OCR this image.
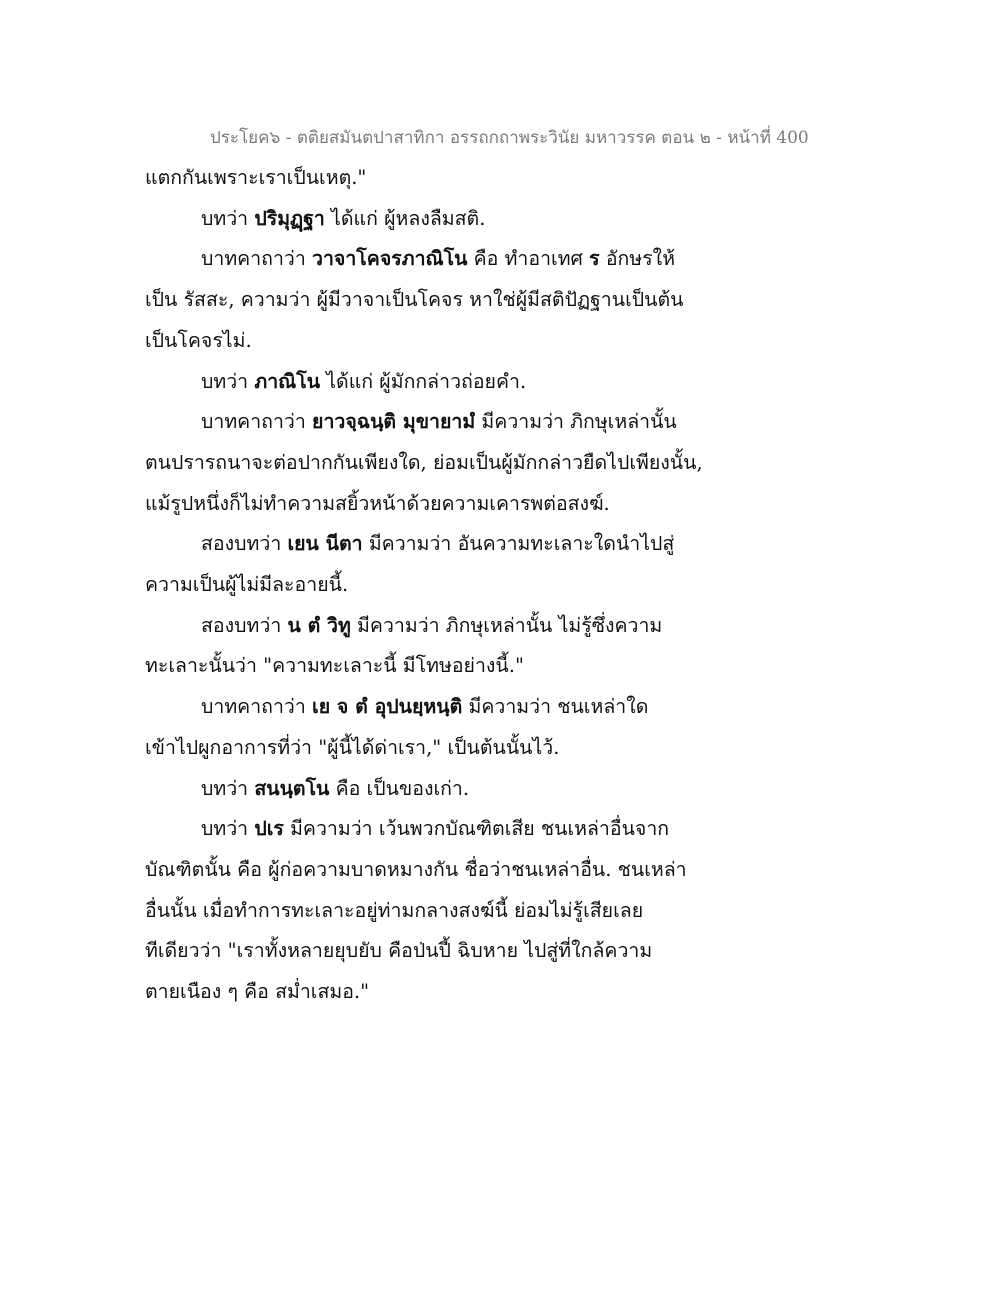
ประโยค๖ - ตติยสมันตปาสาทิกา อรรถกถาพระวินัย มหาวรรค ตอน ๒ - หน้าที่ 400
แตกกันเพราะเราเป็นเหตุ."
บทว่า ปริมุฏฺฐา ได้แก่ ผู้หลงลืมสติ.
บาทคาถาว่า วาจาโคจรภาณิโน คือ ทำอาเทศ ร อักษรให้
เป็น รัสสะ, ความว่า ผู้มีวาจาเป็นโคจร หาใช่ผู้มีสติปัฏฐานเป็นต้น
เป็นโคจรไม่.
บทว่า ภาณิโน ได้แก่ ผู้มักกล่าวถ่อยคำ.
บาทคาถาว่า ยาวจฺฉนฺติ มุขายามํ มีความว่า ภิกษุเหล่านั้น
ตนปรารถนาจะต่อปากกันเพียงใด, ย่อมเป็นผู้มักกล่าวยืดไปเพียงนั้น,
แม้รูปหนึ่งก็ไม่ทำความสยิ้วหน้าด้วยความเคารพต่อสงฆ์.
สองบทว่า เยน นีตา มีความว่า อันความทะเลาะใดนำไปสู่
ความเป็นผู้ไม่มีละอายนี้.
สองบทว่า น ตํ วิทู มีความว่า ภิกษุเหล่านั้น ไม่รู้ซึ่งความ
ทะเลาะนั้นว่า "ความทะเลาะนี้ มีโทษอย่างนี้."
บาทคาถาว่า เย จ ตํ อุปนยฺหนฺติ มีความว่า ชนเหล่าใด
เข้าไปผูกอาการที่ว่า "ผู้นี้ได้ด่าเรา," เป็นต้นนั้นไว้.
บทว่า สนนฺตโน คือ เป็นของเก่า.
บทว่า ปเร มีความว่า เว้นพวกบัณฑิตเสีย ชนเหล่าอื่นจาก
บัณฑิตนั้น คือ ผู้ก่อความบาดหมางกัน ชื่อว่าชนเหล่าอื่น. ชนเหล่า
อื่นนั้น เมื่อทำการทะเลาะอยู่ท่ามกลางสงฆ์นี้ ย่อมไม่รู้เสียเลย
ทีเดียวว่า "เราทั้งหลายยุบยับ คือป่นปี้ ฉิบหาย ไปสู่ที่ใกล้ความ
ตายเนือง ๆ คือ สม่ำเสมอ."
